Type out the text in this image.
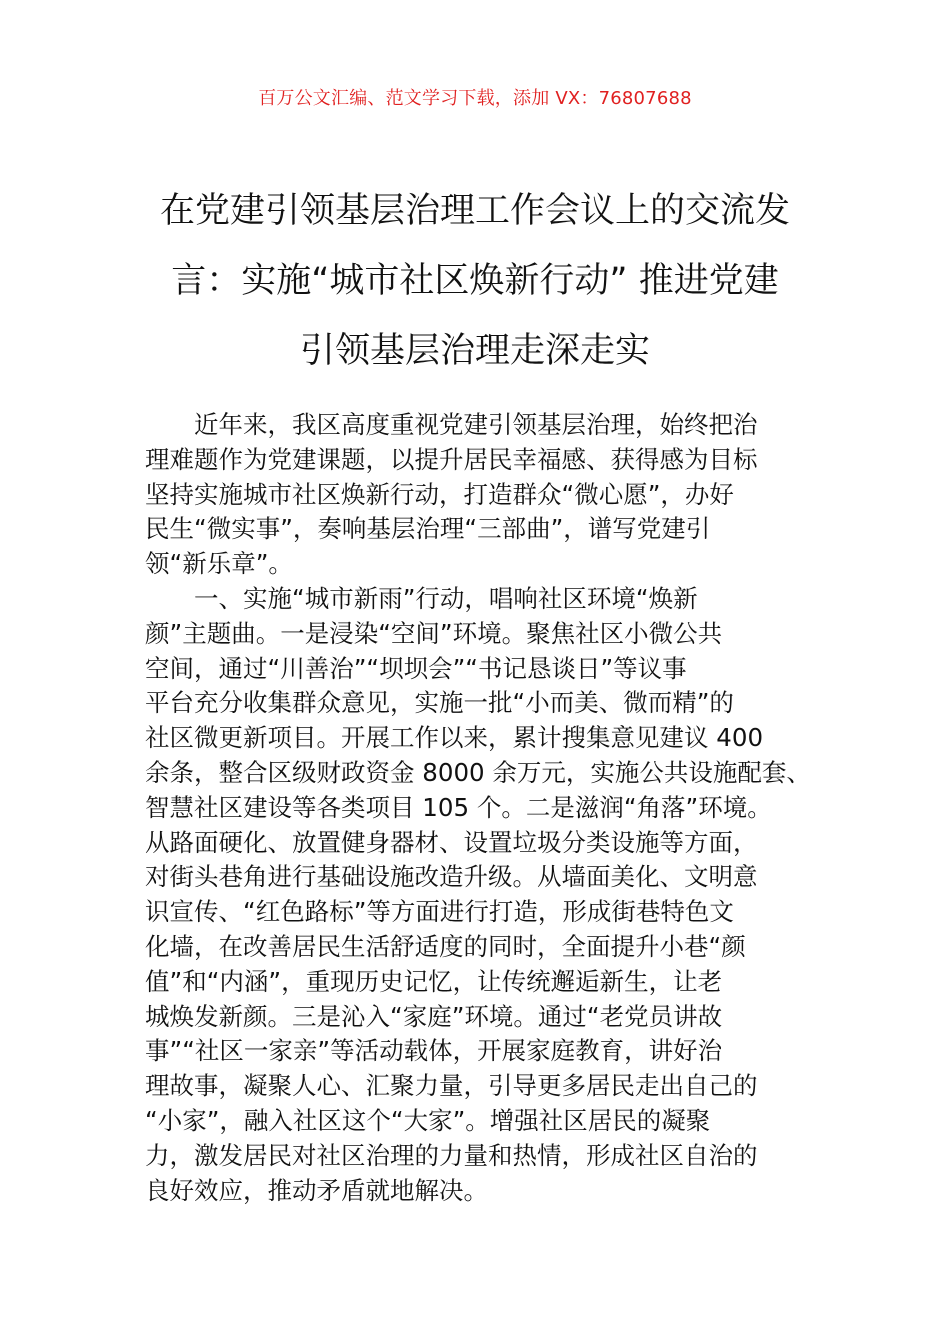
百万公文汇编、范文学习下载，添加 VX：76807688
在党建引领基层治理工作会议上的交流发
言：实施“城市社区焕新行动” 推进党建
引领基层治理走深走实
　　近年来，我区高度重视党建引领基层治理，始终把治
理难题作为党建课题，以提升居民幸福感、获得感为目标
坚持实施城市社区焕新行动，打造群众“微心愿”，办好
民生“微实事”，奏响基层治理“三部曲”，谱写党建引
领“新乐章”。
　　一、实施“城市新雨”行动，唱响社区环境“焕新
颜”主题曲。一是浸染“空间”环境。聚焦社区小微公共
空间，通过“川善治”“坝坝会”“书记恳谈日”等议事
平台充分收集群众意见，实施一批“小而美、微而精”的
社区微更新项目。开展工作以来，累计搜集意见建议 400
余条，整合区级财政资金 8000 余万元，实施公共设施配套、
智慧社区建设等各类项目 105 个。二是滋润“角落”环境。
从路面硬化、放置健身器材、设置垃圾分类设施等方面，
对街头巷角进行基础设施改造升级。从墙面美化、文明意
识宣传、“红色路标”等方面进行打造，形成街巷特色文
化墙，在改善居民生活舒适度的同时，全面提升小巷“颜
值”和“内涵”，重现历史记忆，让传统邂逅新生，让老
城焕发新颜。三是沁入“家庭”环境。通过“老党员讲故
事”“社区一家亲”等活动载体，开展家庭教育，讲好治
理故事，凝聚人心、汇聚力量，引导更多居民走出自己的
“小家”，融入社区这个“大家”。增强社区居民的凝聚
力，激发居民对社区治理的力量和热情，形成社区自治的
良好效应，推动矛盾就地解决。
